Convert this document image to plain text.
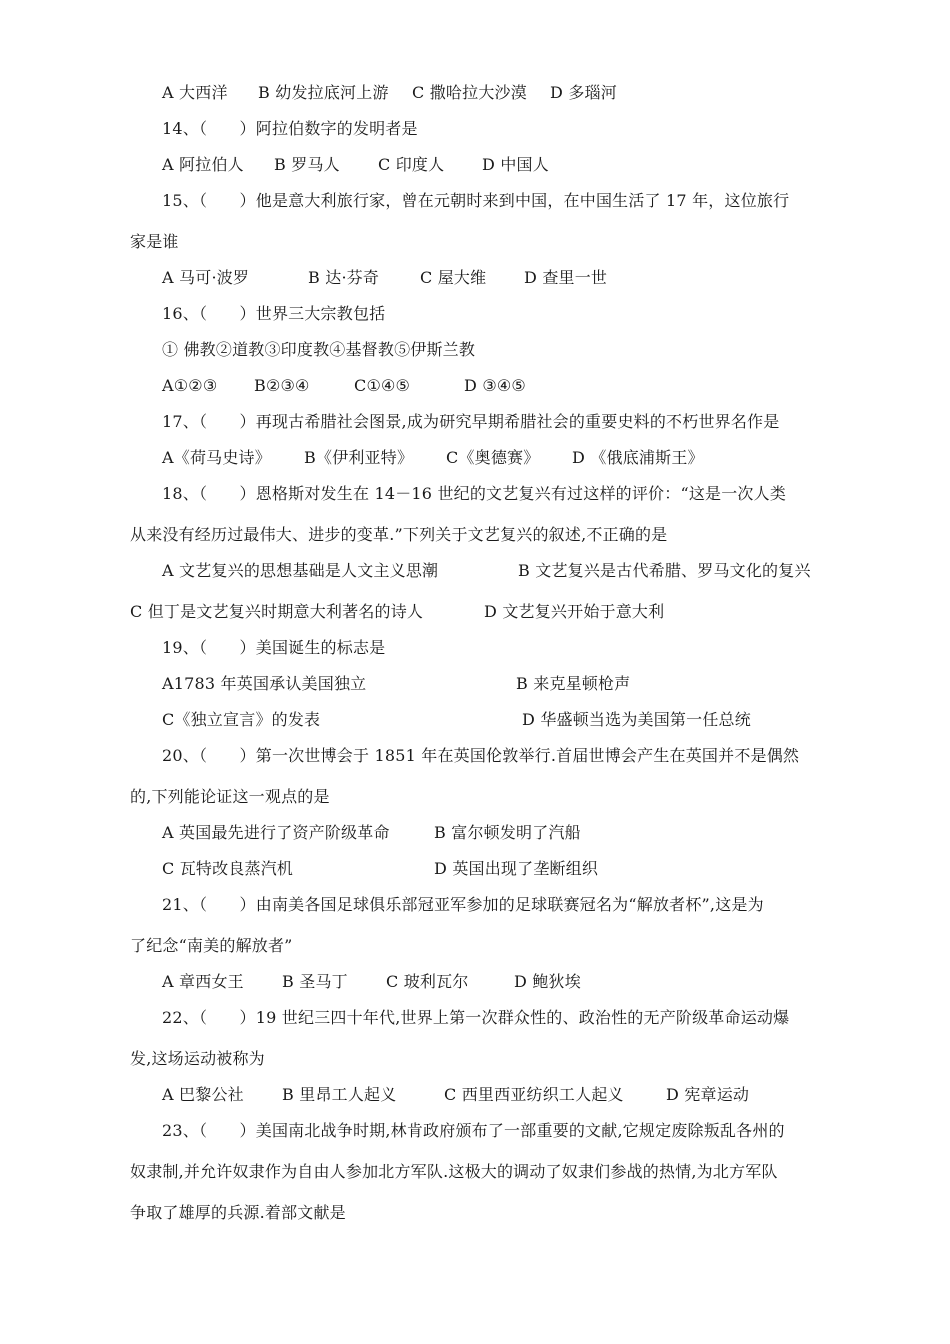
A 大西洋 B 幼发拉底河上游 C 撒哈拉大沙漠 D 多瑙河
14、（　　）阿拉伯数字的发明者是
A 阿拉伯人 B 罗马人 C 印度人 D 中国人
15、（　　）他是意大利旅行家，曾在元朝时来到中国，在中国生活了 17 年，这位旅行
家是谁
A 马可·波罗	B 达·芬奇	C 屋大维 D 查里一世
16、（　　）世界三大宗教包括
① 佛教②道教③印度教④基督教⑤伊斯兰教
A①②③ B②③④	C①④⑤	D ③④⑤
17、（　　）再现古希腊社会图景,成为研究早期希腊社会的重要史料的不朽世界名作是
A《荷马史诗》 B《伊利亚特》 C《奥德赛》 D 《俄底浦斯王》
18、（　　）恩格斯对发生在 14－16 世纪的文艺复兴有过这样的评价：“这是一次人类
从来没有经历过最伟大、进步的变革.”下列关于文艺复兴的叙述,不正确的是
A 文艺复兴的思想基础是人文主义思潮	B 文艺复兴是古代希腊、罗马文化的复兴
C 但丁是文艺复兴时期意大利著名的诗人	D 文艺复兴开始于意大利
19、（　　）美国诞生的标志是
A1783 年英国承认美国独立	B 来克星顿枪声
C《独立宣言》的发表	D 华盛顿当选为美国第一任总统
20、（　　）第一次世博会于 1851 年在英国伦敦举行.首届世博会产生在英国并不是偶然
的,下列能论证这一观点的是
A 英国最先进行了资产阶级革命	B 富尔顿发明了汽船
C 瓦特改良蒸汽机	D 英国出现了垄断组织
21、（　　）由南美各国足球俱乐部冠亚军参加的足球联赛冠名为“解放者杯”,这是为
了纪念“南美的解放者”
A 章西女王 B 圣马丁 C 玻利瓦尔	D 鲍狄埃
22、（　　）19 世纪三四十年代,世界上第一次群众性的、政治性的无产阶级革命运动爆
发,这场运动被称为
A 巴黎公社 B 里昂工人起义	C 西里西亚纺织工人起义	D 宪章运动
23、（　　）美国南北战争时期,林肯政府颁布了一部重要的文献,它规定废除叛乱各州的
奴隶制,并允许奴隶作为自由人参加北方军队.这极大的调动了奴隶们参战的热情,为北方军队
争取了雄厚的兵源.着部文献是
